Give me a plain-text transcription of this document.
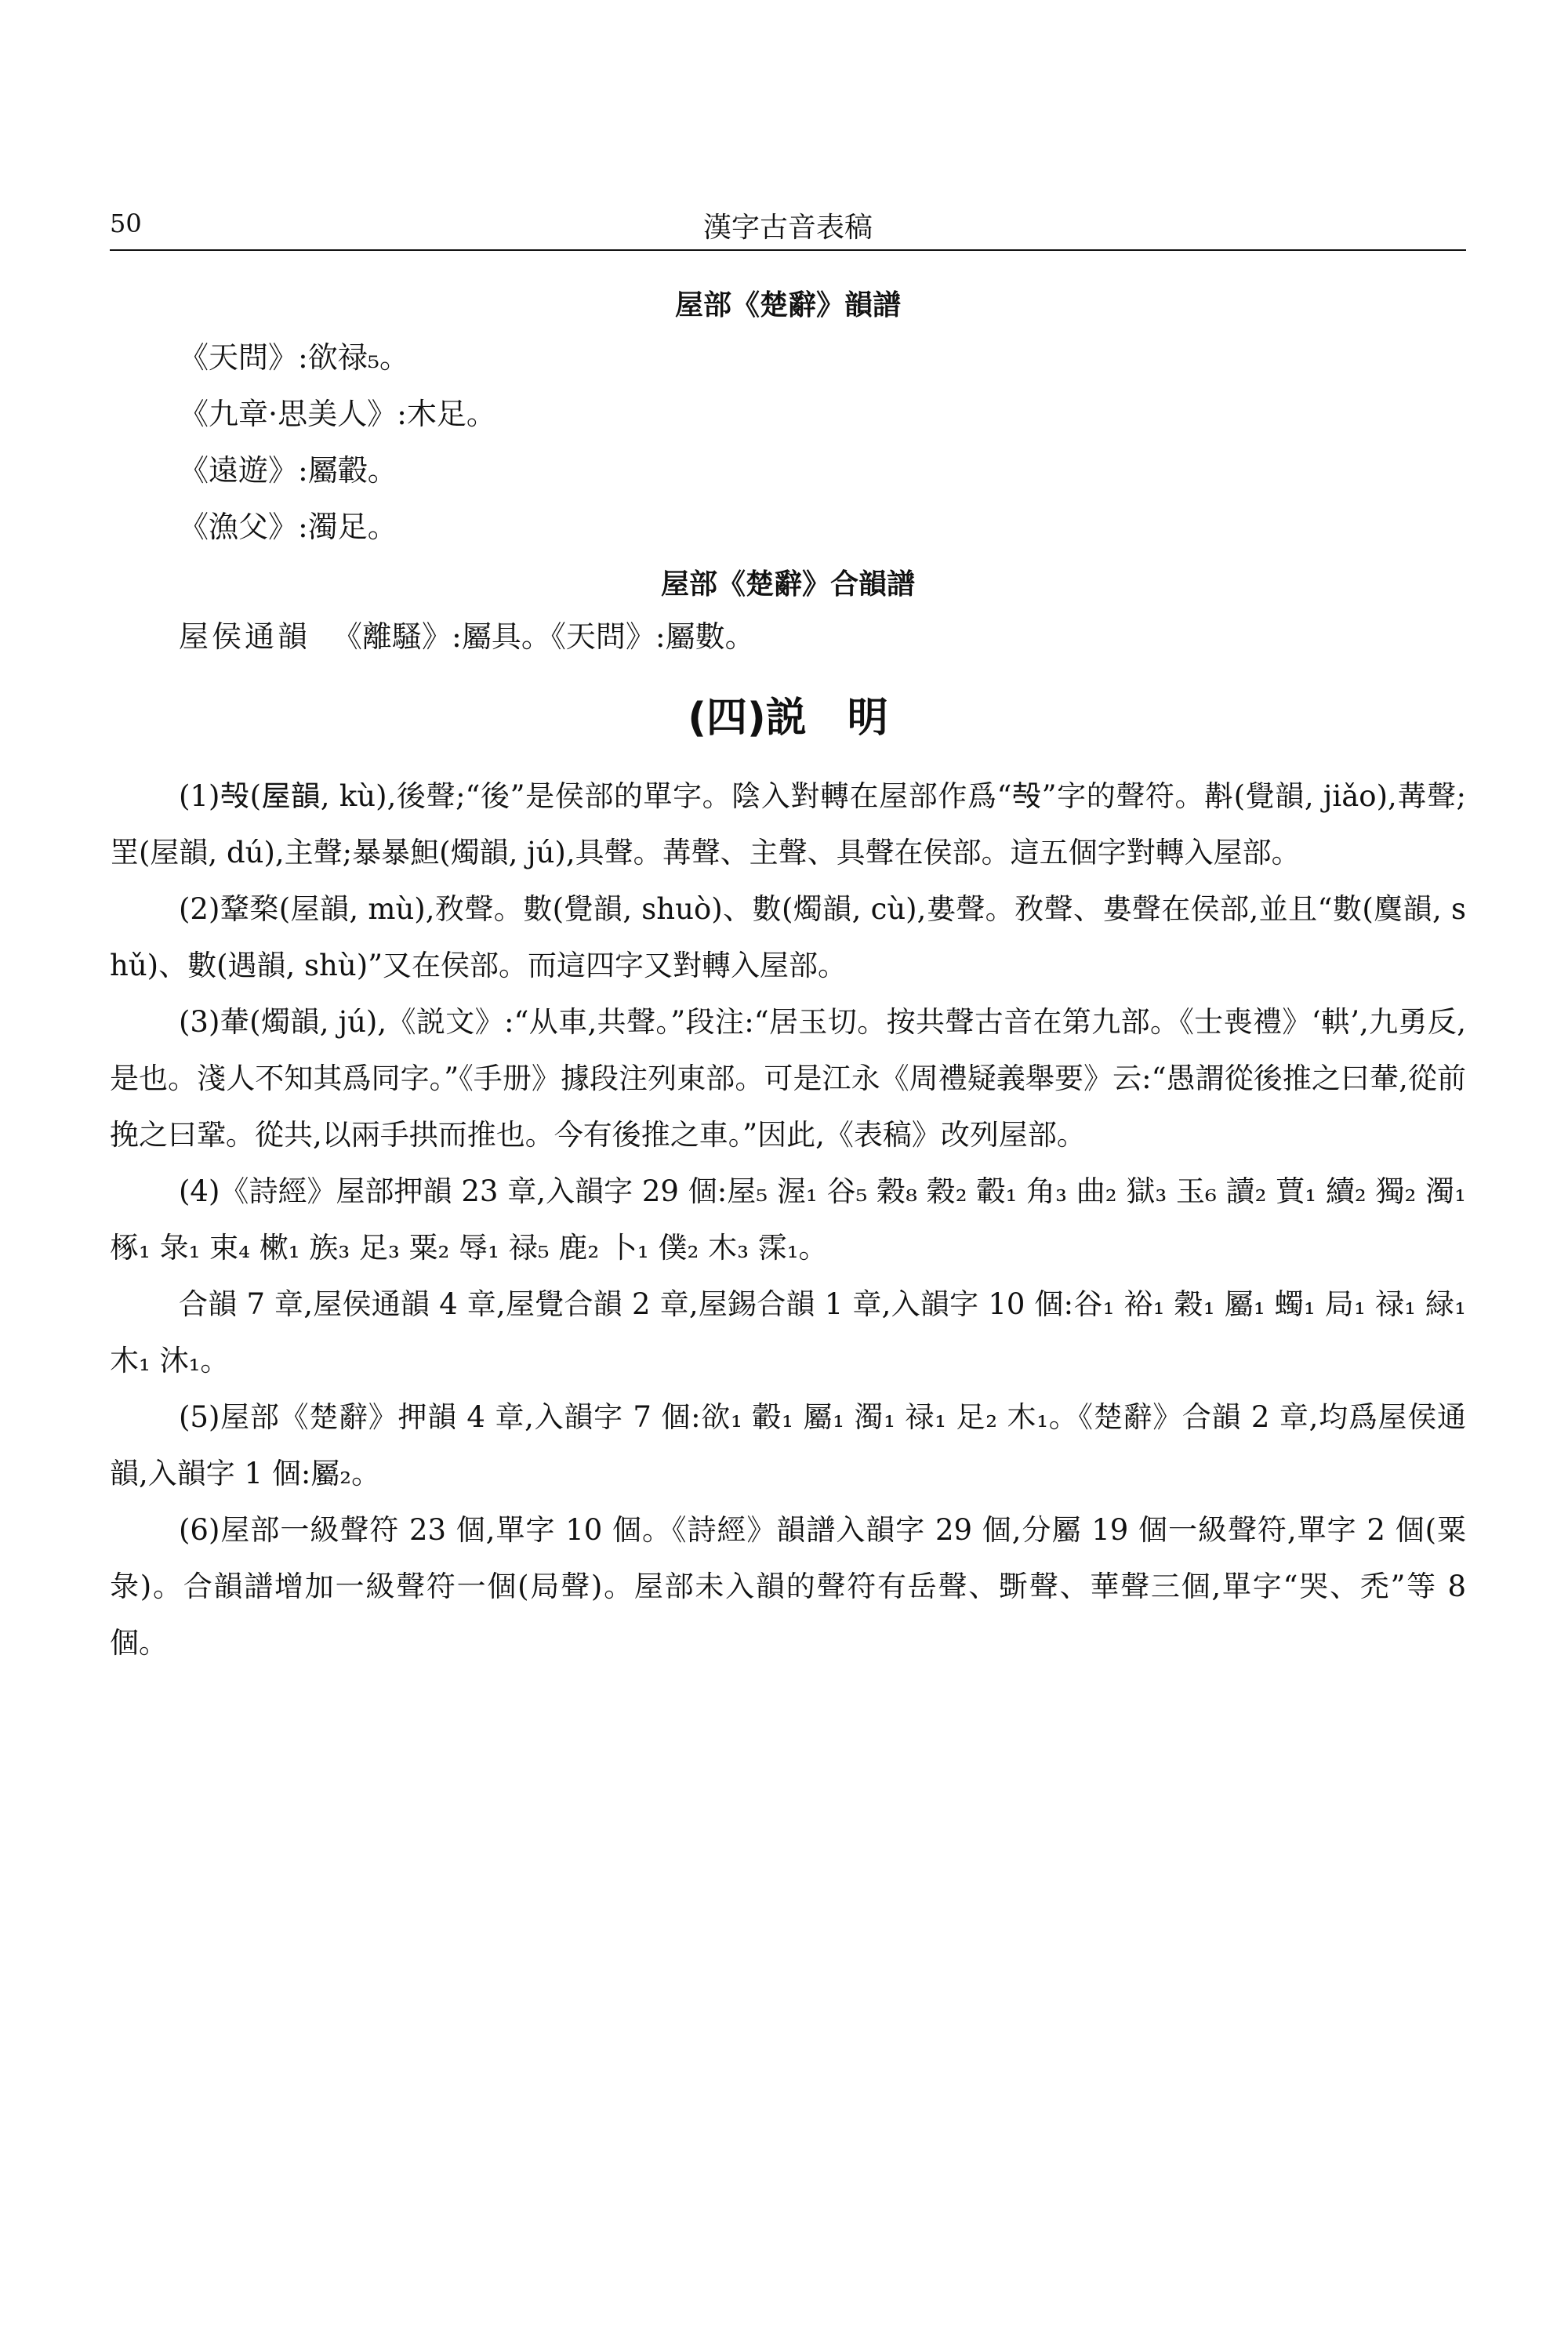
50	漢字古音表稿

屋部《楚辭》韻譜

《天問》:欲禄₅。

《九章·思美人》:木足。

《遠遊》:屬轂。

《漁父》:濁足。

屋部《楚辭》合韻譜

屋侯通韻 《離騷》:屬具。《天問》:屬數。

(四)説　明

(1)𣪊(屋韻, kù),後聲;“後”是侯部的單字。陰入對轉在屋部作爲“𣪊”字的聲符。斠(覺韻, jiǎo),冓聲;罜(屋韻, dú),主聲;暴暴䱇(燭韻, jú),具聲。冓聲、主聲、具聲在侯部。這五個字對轉入屋部。

(2)鞪楘(屋韻, mù),敄聲。數(覺韻, shuò)、數(燭韻, cù),婁聲。敄聲、婁聲在侯部,並且“數(麌韻, shǔ)、數(遇韻, shù)”又在侯部。而這四字又對轉入屋部。

(3)輂(燭韻, jú),《説文》:“从車,共聲。”段注:“居玉切。按共聲古音在第九部。《士喪禮》‘輁’,九勇反,是也。淺人不知其爲同字。”《手册》據段注列東部。可是江永《周禮疑義舉要》云:“愚謂從後推之曰輂,從前挽之曰鞏。從共,以兩手拱而推也。今有後推之車。”因此,《表稿》改列屋部。

(4)《詩經》屋部押韻 23 章,入韻字 29 個:屋₅ 渥₁ 谷₅ 穀₈ 穀₂ 轂₁ 角₃ 曲₂ 獄₃ 玉₆ 讀₂ 蕒₁ 續₂ 獨₂ 濁₁ 椓₁ 彔₁ 束₄ 樕₁ 族₃ 足₃ 粟₂ 辱₁ 禄₅ 鹿₂ 卜₁ 僕₂ 木₃ 霂₁。

合韻 7 章,屋侯通韻 4 章,屋覺合韻 2 章,屋錫合韻 1 章,入韻字 10 個:谷₁ 裕₁ 穀₁ 屬₁ 蠋₁ 局₁ 禄₁ 緑₁ 木₁ 沐₁。

(5)屋部《楚辭》押韻 4 章,入韻字 7 個:欲₁ 轂₁ 屬₁ 濁₁ 禄₁ 足₂ 木₁。《楚辭》合韻 2 章,均爲屋侯通韻,入韻字 1 個:屬₂。

(6)屋部一級聲符 23 個,單字 10 個。《詩經》韻譜入韻字 29 個,分屬 19 個一級聲符,單字 2 個(粟彔)。合韻譜增加一級聲符一個(局聲)。屋部未入韻的聲符有岳聲、斲聲、華聲三個,單字“哭、禿”等 8 個。
